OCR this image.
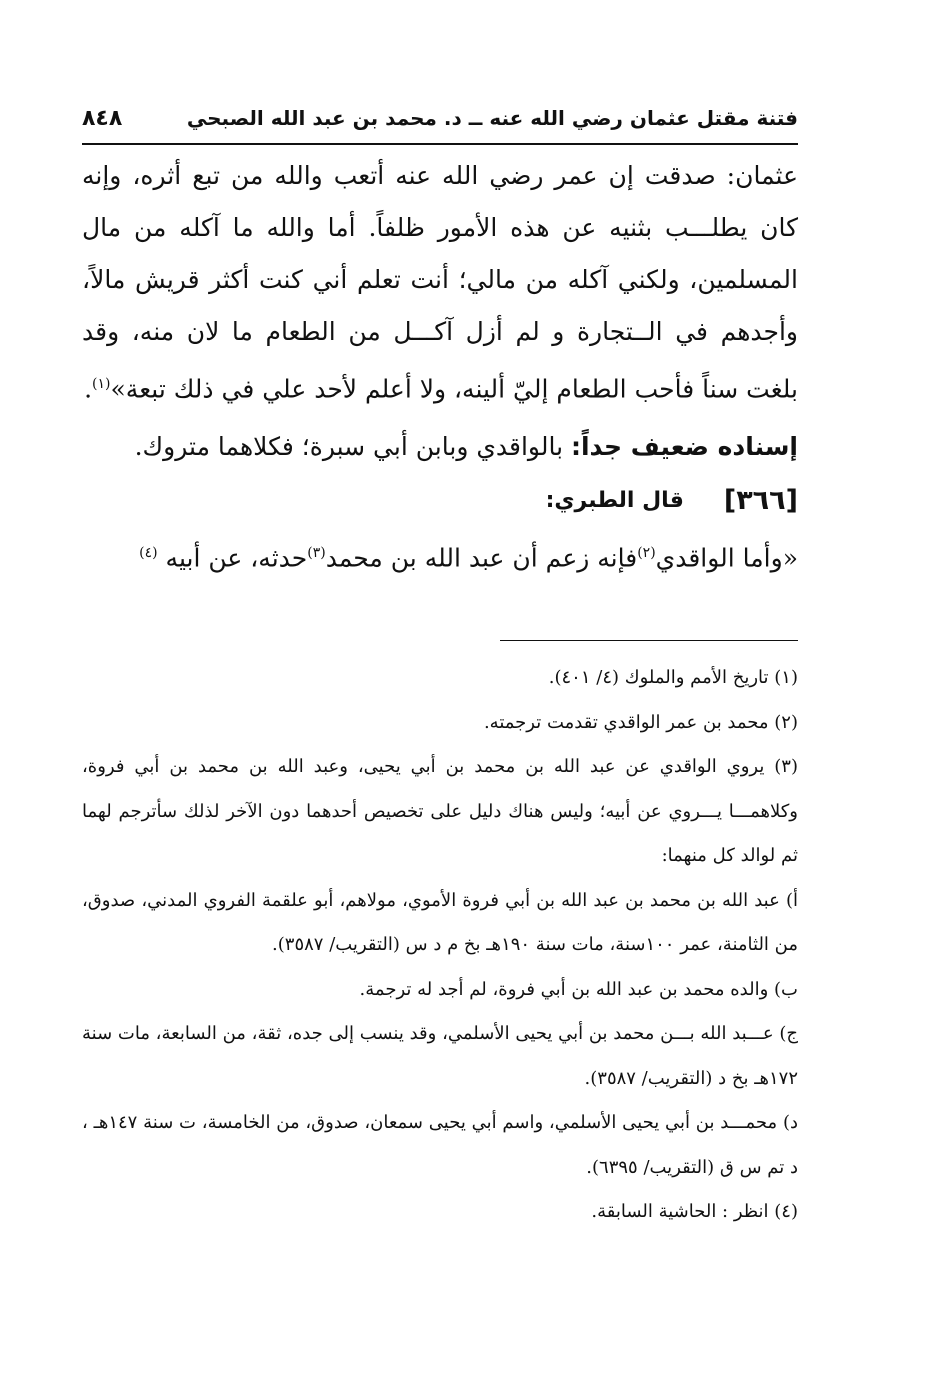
فتنة مقتل عثمان رضي الله عنه ــ د. محمد بن عبد الله الصبحي
٨٤٨

عثمان: صدقت إن عمر رضي الله عنه أتعب والله من تبع أثره، وإنه كان يطلـــب بثنيه عن هذه الأمور ظلفاً. أما والله ما آكله من مال المسلمين، ولكني آكله من مالي؛ أنت تعلم أني كنت أكثر قريش مالاً، وأجدهم في الــتجارة و لم أزل آكـــل من الطعام ما لان منه، وقد بلغت سناً فأحب الطعام إليّ ألينه، ولا أعلم لأحد علي في ذلك تبعة»$^{(١)}$.

إسناده ضعيف جداً: بالواقدي وبابن أبي سبرة؛ فكلاهما متروك.

[٣٦٦]
قال الطبري:

«وأما الواقدي$^{(٢)}$فإنه زعم أن عبد الله بن محمد$^{(٣)}$حدثه، عن أبيه $^{(٤)}$

(١) تاريخ الأمم والملوك (٤/ ٤٠١).

(٢) محمد بن عمر الواقدي تقدمت ترجمته.

(٣) يروي الواقدي عن عبد الله بن محمد بن أبي يحيى، وعبد الله بن محمد بن أبي فروة، وكلاهمـــا يـــروي عن أبيه؛ وليس هناك دليل على تخصيص أحدهما دون الآخر لذلك سأترجم لهما ثم لوالد كل منهما:

أ) عبد الله بن محمد بن عبد الله بن أبي فروة الأموي، مولاهم، أبو علقمة الفروي المدني، صدوق، من الثامنة، عمر ١٠٠سنة، مات سنة ١٩٠هـ بخ م د س (التقريب/ ٣٥٨٧).

ب) والده محمد بن عبد الله بن أبي فروة، لم أجد له ترجمة.

ج) عـــبد الله بـــن محمد بن أبي يحيى الأسلمي، وقد ينسب إلى جده، ثقة، من السابعة، مات سنة ١٧٢هـ بخ د (التقريب/ ٣٥٨٧).

د) محمـــد بن أبي يحيى الأسلمي، واسم أبي يحيى سمعان، صدوق، من الخامسة، ت سنة ١٤٧هـ ، د تم س ق (التقريب/ ٦٣٩٥).

(٤) انظر : الحاشية السابقة.
